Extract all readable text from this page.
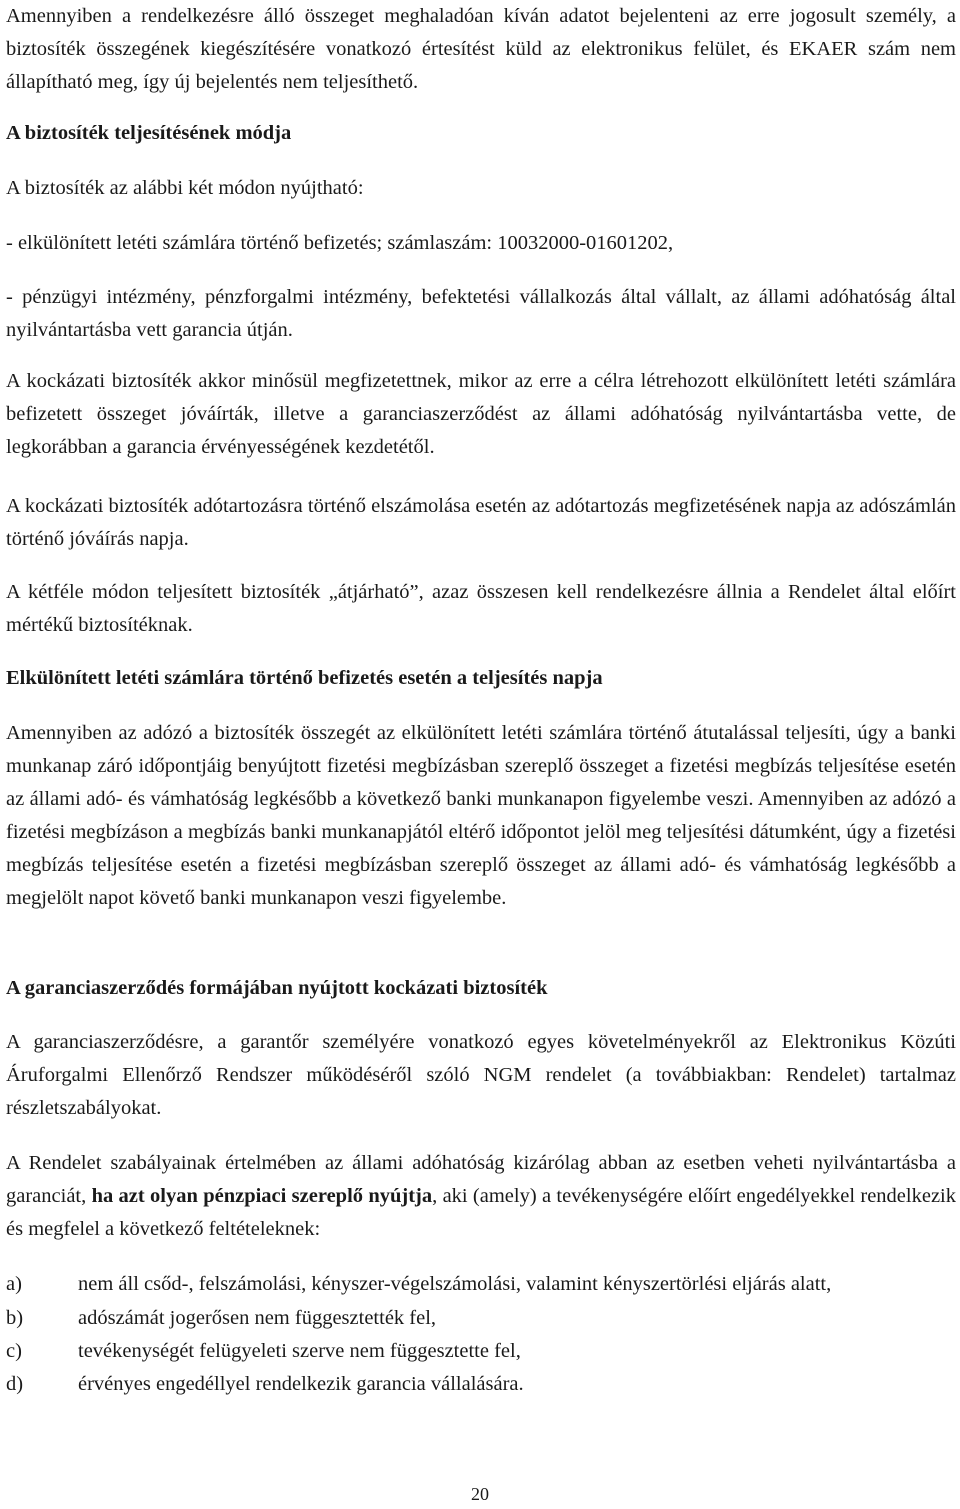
Amennyiben a rendelkezésre álló összeget meghaladóan kíván adatot bejelenteni az erre jogosult személy, a biztosíték összegének kiegészítésére vonatkozó értesítést küld az elektronikus felület, és EKAER szám nem állapítható meg, így új bejelentés nem teljesíthető.

A biztosíték teljesítésének módja

A biztosíték az alábbi két módon nyújtható:

- elkülönített letéti számlára történő befizetés; számlaszám: 10032000-01601202,

- pénzügyi intézmény, pénzforgalmi intézmény, befektetési vállalkozás által vállalt, az állami adóhatóság által nyilvántartásba vett garancia útján.

A kockázati biztosíték akkor minősül megfizetettnek, mikor az erre a célra létrehozott elkülönített letéti számlára befizetett összeget jóváírták, illetve a garanciaszerződést az állami adóhatóság nyilvántartásba vette, de legkorábban a garancia érvényességének kezdetétől.

A kockázati biztosíték adótartozásra történő elszámolása esetén az adótartozás megfizetésének napja az adószámlán történő jóváírás napja.

A kétféle módon teljesített biztosíték „átjárható”, azaz összesen kell rendelkezésre állnia a Rendelet által előírt mértékű biztosítéknak.

Elkülönített letéti számlára történő befizetés esetén a teljesítés napja

Amennyiben az adózó a biztosíték összegét az elkülönített letéti számlára történő átutalással teljesíti, úgy a banki munkanap záró időpontjáig benyújtott fizetési megbízásban szereplő összeget a fizetési megbízás teljesítése esetén az állami adó- és vámhatóság legkésőbb a következő banki munkanapon figyelembe veszi. Amennyiben az adózó a fizetési megbízáson a megbízás banki munkanapjától eltérő időpontot jelöl meg teljesítési dátumként, úgy a fizetési megbízás teljesítése esetén a fizetési megbízásban szereplő összeget az állami adó- és vámhatóság legkésőbb a megjelölt napot követő banki munkanapon veszi figyelembe.

A garanciaszerződés formájában nyújtott kockázati biztosíték

A garanciaszerződésre, a garantőr személyére vonatkozó egyes követelményekről az Elektronikus Közúti Áruforgalmi Ellenőrző Rendszer működéséről szóló NGM rendelet (a továbbiakban: Rendelet) tartalmaz részletszabályokat.

A Rendelet szabályainak értelmében az állami adóhatóság kizárólag abban az esetben veheti nyilvántartásba a garanciát, ha azt olyan pénzpiaci szereplő nyújtja, aki (amely) a tevékenységére előírt engedélyekkel rendelkezik és megfelel a következő feltételeknek:

a)	nem áll csőd-, felszámolási, kényszer-végelszámolási, valamint kényszertörlési eljárás alatt,

b)	adószámát jogerősen nem függesztették fel,
c)	tevékenységét felügyeleti szerve nem függesztette fel,
d)	érvényes engedéllyel rendelkezik garancia vállalására.
20
